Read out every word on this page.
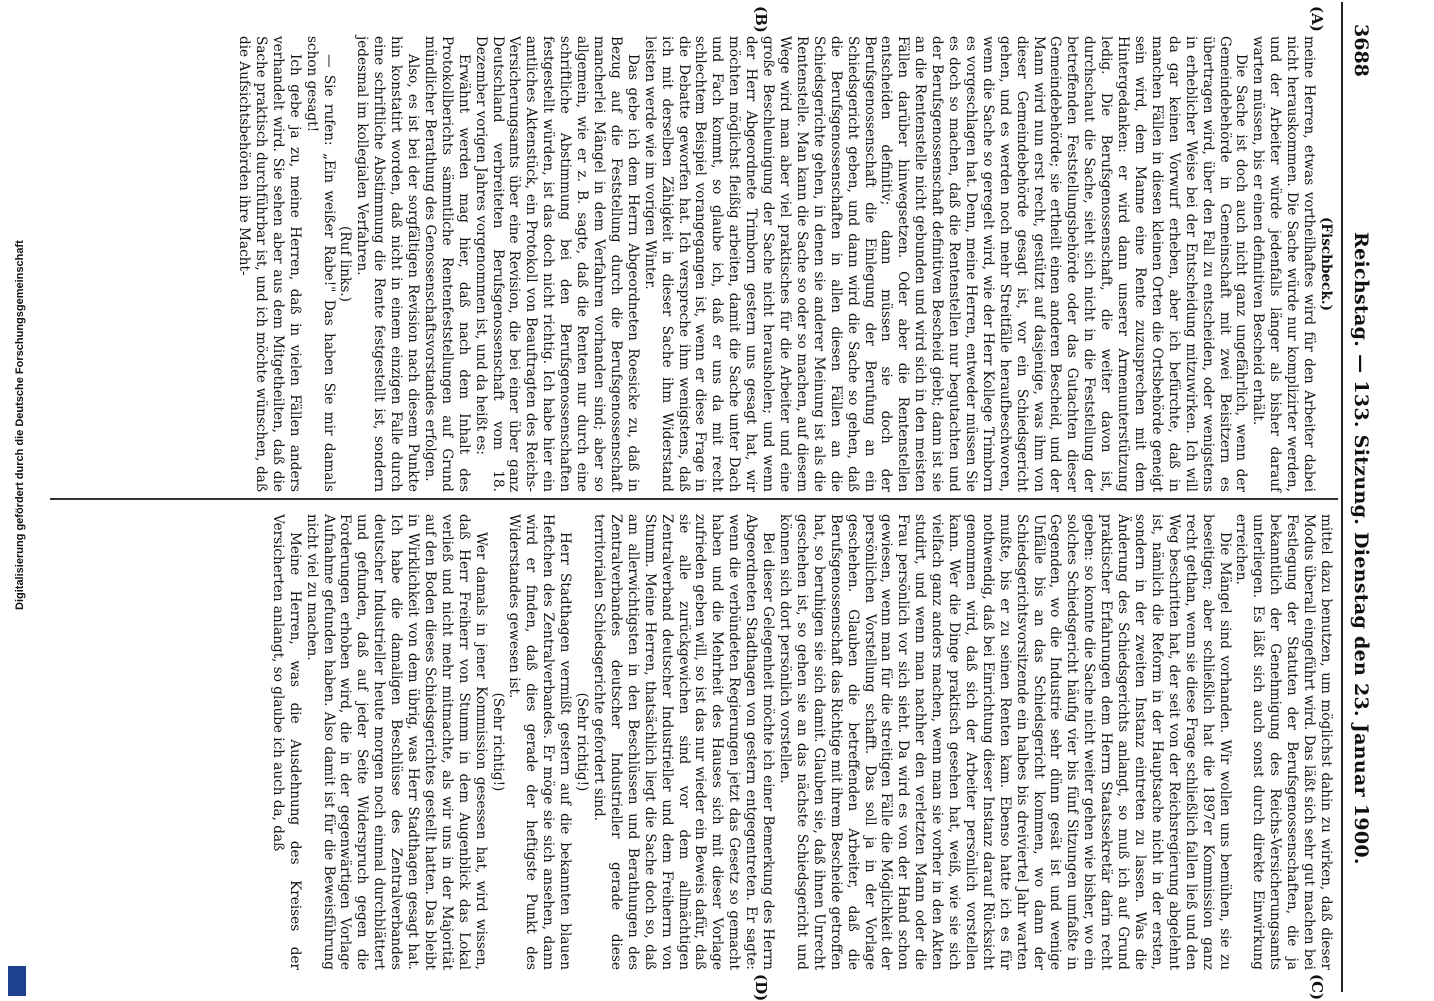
3688
Reichstag. — 133. Sitzung. Dienstag den 23. Januar 1900.
(A)
(B)
(C)
(D)

(Fischbeck.)

meine Herren, etwas vortheilhaftes wird für den Arbeiter dabei nicht herauskommen. Die Sache würde nur komplizirter werden, und der Arbeiter würde jedenfalls länger als bisher darauf warten müssen, bis er einen definitiven Bescheid erhält.

Die Sache ist doch auch nicht ganz ungefährlich, wenn der Gemeindebehörde in Gemeinschaft mit zwei Beisitzern es übertragen wird, über den Fall zu entscheiden, oder wenigstens in erheblicher Weise bei der Entscheidung mitzuwirken. Ich will da gar keinen Vorwurf erheben, aber ich befürchte, daß in manchen Fällen in diesen kleinen Orten die Ortsbehörde geneigt sein wird, dem Manne eine Rente zuzusprechen mit dem Hintergedanken: er wird dann unserer Armenunterstützung ledig. Die Berufsgenossenschaft, die weiter davon ist, durchschaut die Sache, sieht sich nicht in die Feststellung der betreffenden Feststellungsbehörde oder das Gutachten dieser Gemeindebehörde; sie ertheilt einen anderen Bescheid, und der Mann wird nun erst recht, gestützt auf dasjenige, was ihm von dieser Gemeindebehörde gesagt ist, vor ein Schiedsgericht gehen, und es werden noch mehr Streitfälle heraufbeschworen, wenn die Sache so geregelt wird, wie der Herr Kollege Trimborn es vorgeschlagen hat. Denn, meine Herren, entweder müssen Sie es doch so machen, daß die Rentenstellen nur begutachten und der Berufsgenossenschaft definitiven Bescheid giebt; dann ist sie an die Rentenstelle nicht gebunden und wird sich in den meisten Fällen darüber hinwegsetzen. Oder aber die Rentenstellen entscheiden definitiv; dann müssen sie doch der Berufsgenossenschaft die Einlegung der Berufung an ein Schiedsgericht geben, und dann wird die Sache so gehen, daß die Berufsgenossenschaften in allen diesen Fällen an die Schiedsgerichte gehen, in denen sie anderer Meinung ist als die Rentenstelle. Man kann die Sache so oder so machen, auf diesem Wege wird man aber viel praktisches für die Arbeiter und eine große Beschleunigung der Sache nicht herausholen; und wenn der Herr Abgeordnete Trimborn gestern uns gesagt hat, wir möchten möglichst fleißig arbeiten, damit die Sache unter Dach und Fach kommt, so glaube ich, daß er uns da mit recht schlechtem Beispiel vorangegangen ist, wenn er diese Frage in die Debatte geworfen hat. Ich verspreche ihm wenigstens, daß ich mit derselben Zähigkeit in dieser Sache ihm Widerstand leisten werde wie im vorigen Winter.

Das gebe ich dem Herrn Abgeordneten Roesicke zu, daß in Bezug auf die Feststellung durch die Berufsgenossenschaft mancherlei Mängel in dem Verfahren vorhanden sind; aber so allgemein, wie er z. B. sagte, daß die Renten nur durch eine schriftliche Abstimmung bei den Berufsgenossenschaften festgestellt würden, ist das doch nicht richtig. Ich habe hier ein amtliches Aktenstück, ein Protokoll von Beauftragten des Reichs-Versicherungsamts über eine Revision, die bei einer über ganz Deutschland verbreiteten Berufsgenossenschaft vom 18. Dezember vorigen Jahres vorgenommen ist, und da heißt es:

Erwähnt werden mag hier, daß nach dem Inhalt des Protokollberichts sämmtliche Rentenfeststellungen auf Grund mündlicher Berathung des Genossenschaftsvorstandes erfolgen.

Also, es ist bei der sorgfältigen Revision nach diesem Punkte hin konstatirt worden, daß nicht in einem einzigen Falle durch eine schriftliche Abstimmung die Rente festgestellt ist, sondern jedesmal im kollegialen Verfahren.

(Ruf links.)

— Sie rufen: „Ein weißer Rabe!" Das haben Sie mir damals schon gesagt!

Ich gebe ja zu, meine Herren, daß in vielen Fällen anders verhandelt wird. Sie sehen aber aus dem Mitgetheilten, daß die Sache praktisch durchführbar ist, und ich möchte wünschen, daß die Aufsichtsbehörden ihre Macht-

mittel dazu benutzen, um möglichst dahin zu wirken, daß dieser Modus überall eingeführt wird. Das läßt sich sehr gut machen bei Festlegung der Statuten der Berufsgenossenschaften, die ja bekanntlich der Genehmigung des Reichs-Versicherungsamts unterliegen. Es läßt sich auch sonst durch direkte Einwirkung erreichen.

Die Mängel sind vorhanden. Wir wollen uns bemühen, sie zu beseitigen; aber schließlich hat die 1897er Kommission ganz recht gethan, wenn sie diese Frage schließlich fallen ließ und den Weg beschritten hat, der seit von der Reichsregierung abgelehnt ist, nämlich die Reform in der Hauptsache nicht in der ersten, sondern in der zweiten Instanz eintreten zu lassen. Was die Änderung des Schiedsgerichts anlangt, so muß ich auf Grund praktischer Erfahrungen dem Herrn Staatssekretär darin recht geben: so konnte die Sache nicht weiter gehen wie bisher, wo ein solches Schiedsgericht häufig vier bis fünf Sitzungen umfaßte in Gegenden, wo die Industrie sehr dünn gesät ist und wenige Unfälle bis an das Schiedsgericht kommen, wo dann der Schiedsgerichtsvorsitzende ein halbes bis dreiviertel Jahr warten mußte, bis er zu seinen Renten kam. Ebenso hatte ich es für nothwendig, daß bei Einrichtung dieser Instanz darauf Rücksicht genommen wird, daß sich der Arbeiter persönlich vorstellen kann. Wer die Dinge praktisch gesehen hat, weiß, wie sie sich vielfach ganz anders machen, wenn man sie vorher in den Akten studirt, und wenn man nachher den verletzten Mann oder die Frau persönlich vor sich sieht. Da wird es von der Hand schon gewiesen, wenn man für die streitigen Fälle die Möglichkeit der persönlichen Vorstellung schafft. Das soll ja in der Vorlage geschehen. Glauben die betreffenden Arbeiter, daß die Berufsgenossenschaft das Richtige mit ihrem Bescheide getroffen hat, so beruhigen sie sich damit. Glauben sie, daß ihnen Unrecht geschehen ist, so gehen sie an das nächste Schiedsgericht und können sich dort persönlich vorstellen.

Bei dieser Gelegenheit möchte ich einer Bemerkung des Herrn Abgeordneten Stadthagen von gestern entgegentreten. Er sagte: wenn die verbündeten Regierungen jetzt das Gesetz so gemacht haben und die Mehrheit des Hauses sich mit dieser Vorlage zufrieden geben will, so ist das nur wieder ein Beweis dafür, daß sie alle zurückgewichen sind vor dem allmächtigen Zentralverband deutscher Industrieller und dem Freiherrn von Stumm. Meine Herren, thatsächlich liegt die Sache doch so, daß am allerwichtigsten in den Beschlüssen und Berathungen des Zentralverbandes deutscher Industrieller gerade diese territorialen Schiedsgerichte gefordert sind.

(Sehr richtig!)

Herr Stadthagen vermißt gestern auf die bekannten blauen Heftchen des Zentralverbandes. Er möge sie sich ansehen, dann wird er finden, daß dies gerade der heftigste Punkt des Widerstandes gewesen ist.

(Sehr richtig!)

Wer damals in jener Kommission gesessen hat, wird wissen, daß Herr Freiherr von Stumm in dem Augenblick das Lokal verließ und nicht mehr mitmachte, als wir uns in der Majorität auf den Boden dieses Schiedsgerichtes gestellt hatten. Das bleibt in Wirklichkeit von dem übrig, was Herr Stadthagen gesagt hat. Ich habe die damaligen Beschlüsse des Zentralverbandes deutscher Industrieller heute morgen noch einmal durchblättert und gefunden, daß auf jeder Seite Widerspruch gegen die Forderungen erhoben wird, die in der gegenwärtigen Vorlage Aufnahme gefunden haben. Also damit ist für die Beweisführung nicht viel zu machen.

Meine Herren, was die Ausdehnung des Kreises der Versicherten anlangt, so glaube ich auch da, daß

Digitalisierung gefördert durch die Deutsche Forschungsgemeinschaft
